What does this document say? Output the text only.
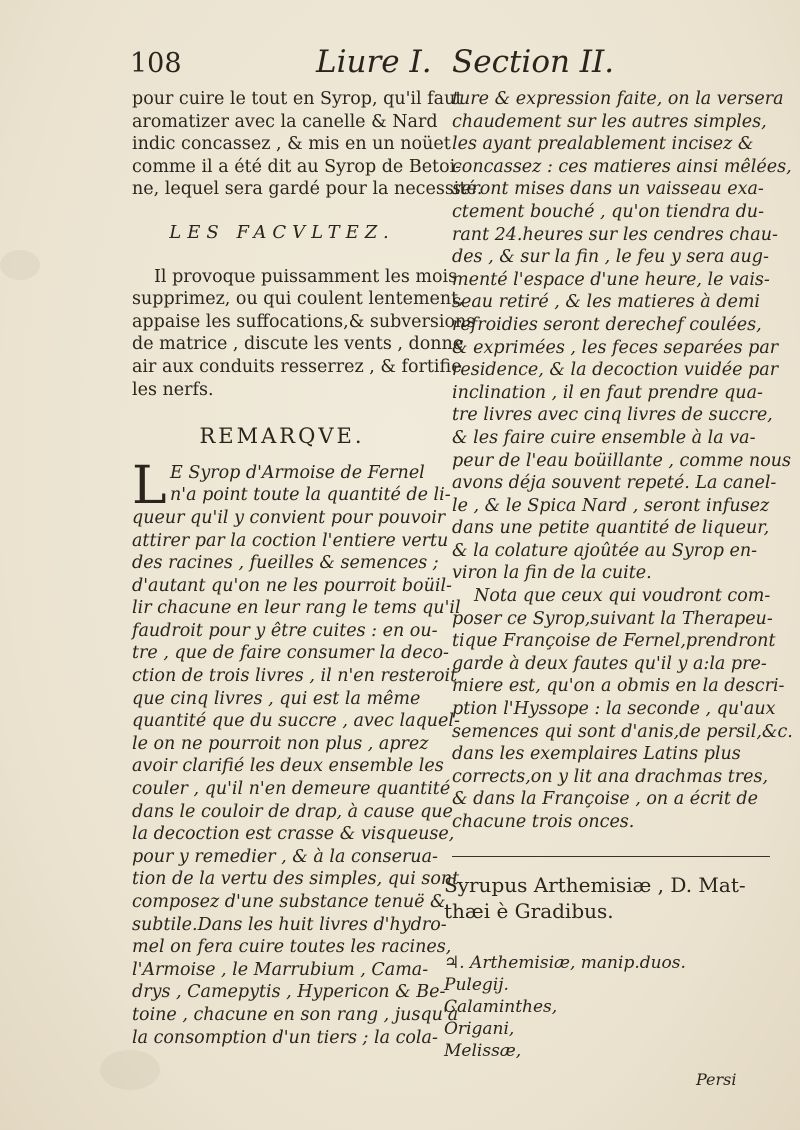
108	Liure I. Section II.
pour cuire le tout en Syrop, qu'il faut
aromatizer avec la canelle & Nard
indic concassez , & mis en un noüet
comme il a été dit au Syrop de Betoi-
ne, lequel sera gardé pour la necessité.
LES FACVLTEZ.
Il provoque puissamment les mois
supprimez, ou qui coulent lentement,
appaise les suffocations,& subversions
de matrice , discute les vents , donne
air aux conduits resserrez , & fortifie
les nerfs.
REMARQVE.
L E Syrop d'Armoise de Fernel
n'a point toute la quantité de li-
queur qu'il y convient pour pouvoir
attirer par la coction l'entiere vertu
des racines , fueilles & semences ;
d'autant qu'on ne les pourroit boüil-
lir chacune en leur rang le tems qu'il
faudroit pour y être cuites : en ou-
tre , que de faire consumer la deco-
ction de trois livres , il n'en resteroit
que cinq livres , qui est la même
quantité que du succre , avec laquel-
le on ne pourroit non plus , aprez
avoir clarifié les deux ensemble les
couler , qu'il n'en demeure quantité
dans le couloir de drap, à cause que
la decoction est crasse & visqueuse,
pour y remedier , & à la conserua-
tion de la vertu des simples, qui sont
composez d'une substance tenuë &
subtile.Dans les huit livres d'hydro-
mel on fera cuire toutes les racines,
l'Armoise , le Marrubium , Cama-
drys , Camepytis , Hypericon & Be-
toine , chacune en son rang , jusqu'à
la consomption d'un tiers ; la cola-
ture & expression faite, on la versera
chaudement sur les autres simples,
les ayant prealablement incisez &
concassez : ces matieres ainsi mêlées,
seront mises dans un vaisseau exa-
ctement bouché , qu'on tiendra du-
rant 24.heures sur les cendres chau-
des , & sur la fin , le feu y sera aug-
menté l'espace d'une heure, le vais-
seau retiré , & les matieres à demi
refroidies seront derechef coulées,
& exprimées , les feces separées par
residence, & la decoction vuidée par
inclination , il en faut prendre qua-
tre livres avec cinq livres de succre,
& les faire cuire ensemble à la va-
peur de l'eau boüillante , comme nous
avons déja souvent repeté. La canel-
le , & le Spica Nard , seront infusez
dans une petite quantité de liqueur,
& la colature ajoûtée au Syrop en-
viron la fin de la cuite.
Nota que ceux qui voudront com-
poser ce Syrop,suivant la Therapeu-
tique Françoise de Fernel,prendront
garde à deux fautes qu'il y a:la pre-
miere est, qu'on a obmis en la descri-
ption l'Hyssope : la seconde , qu'aux
semences qui sont d'anis,de persil,&c.
dans les exemplaires Latins plus
corrects,on y lit ana drachmas tres,
& dans la Françoise , on a écrit de
chacune trois onces.
Syrupus Arthemisiæ , D. Mat-
thæi è Gradibus.
♃. Arthemisiæ, manip.duos.
Pulegij.
Calaminthes,
Origani,
Melissæ,
Persi
